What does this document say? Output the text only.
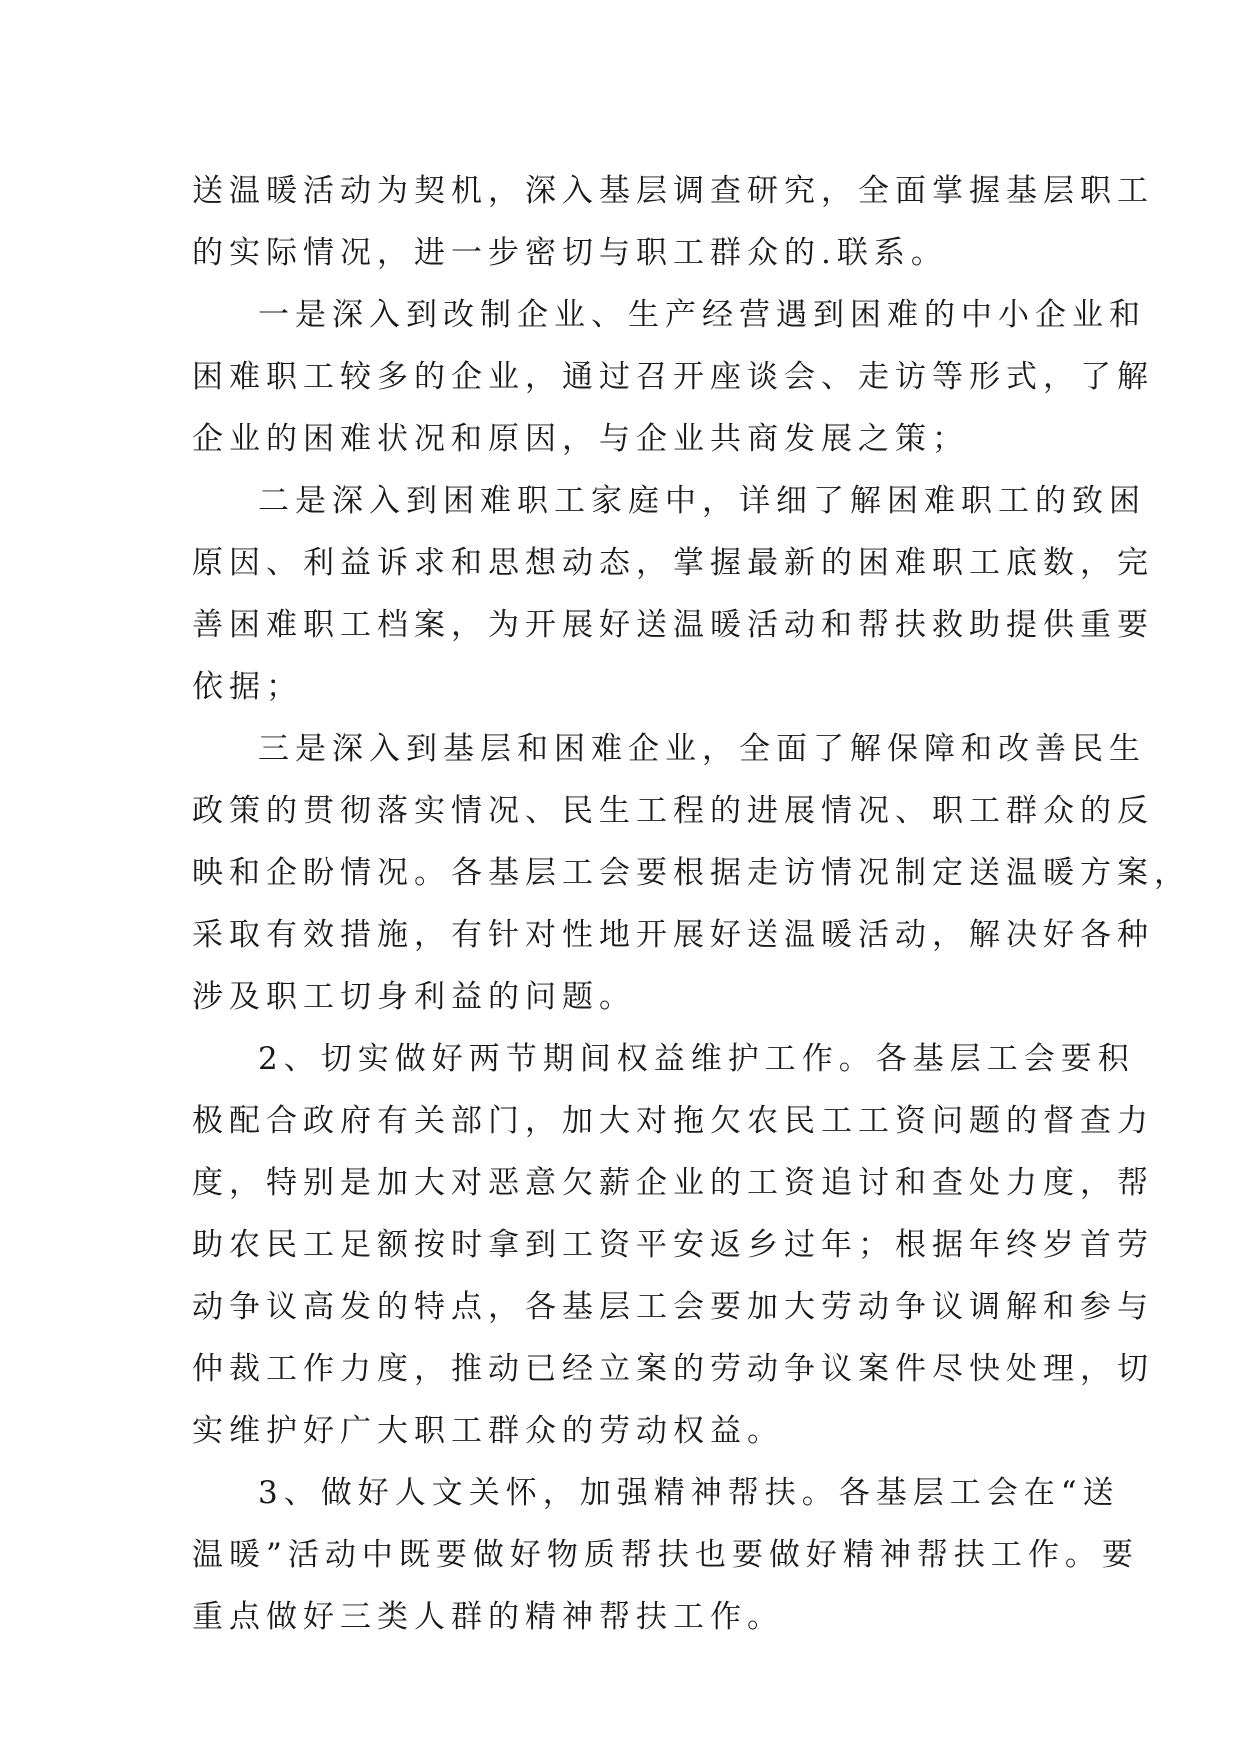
送温暖活动为契机，深入基层调查研究，全面掌握基层职工
的实际情况，进一步密切与职工群众的.联系。
一是深入到改制企业、生产经营遇到困难的中小企业和
困难职工较多的企业，通过召开座谈会、走访等形式，了解
企业的困难状况和原因，与企业共商发展之策；
二是深入到困难职工家庭中，详细了解困难职工的致困
原因、利益诉求和思想动态，掌握最新的困难职工底数，完
善困难职工档案，为开展好送温暖活动和帮扶救助提供重要
依据；
三是深入到基层和困难企业，全面了解保障和改善民生
政策的贯彻落实情况、民生工程的进展情况、职工群众的反
映和企盼情况。各基层工会要根据走访情况制定送温暖方案，
采取有效措施，有针对性地开展好送温暖活动，解决好各种
涉及职工切身利益的问题。
2、切实做好两节期间权益维护工作。各基层工会要积
极配合政府有关部门，加大对拖欠农民工工资问题的督查力
度，特别是加大对恶意欠薪企业的工资追讨和查处力度，帮
助农民工足额按时拿到工资平安返乡过年；根据年终岁首劳
动争议高发的特点，各基层工会要加大劳动争议调解和参与
仲裁工作力度，推动已经立案的劳动争议案件尽快处理，切
实维护好广大职工群众的劳动权益。
3、做好人文关怀，加强精神帮扶。各基层工会在“送
温暖”活动中既要做好物质帮扶也要做好精神帮扶工作。要
重点做好三类人群的精神帮扶工作。
